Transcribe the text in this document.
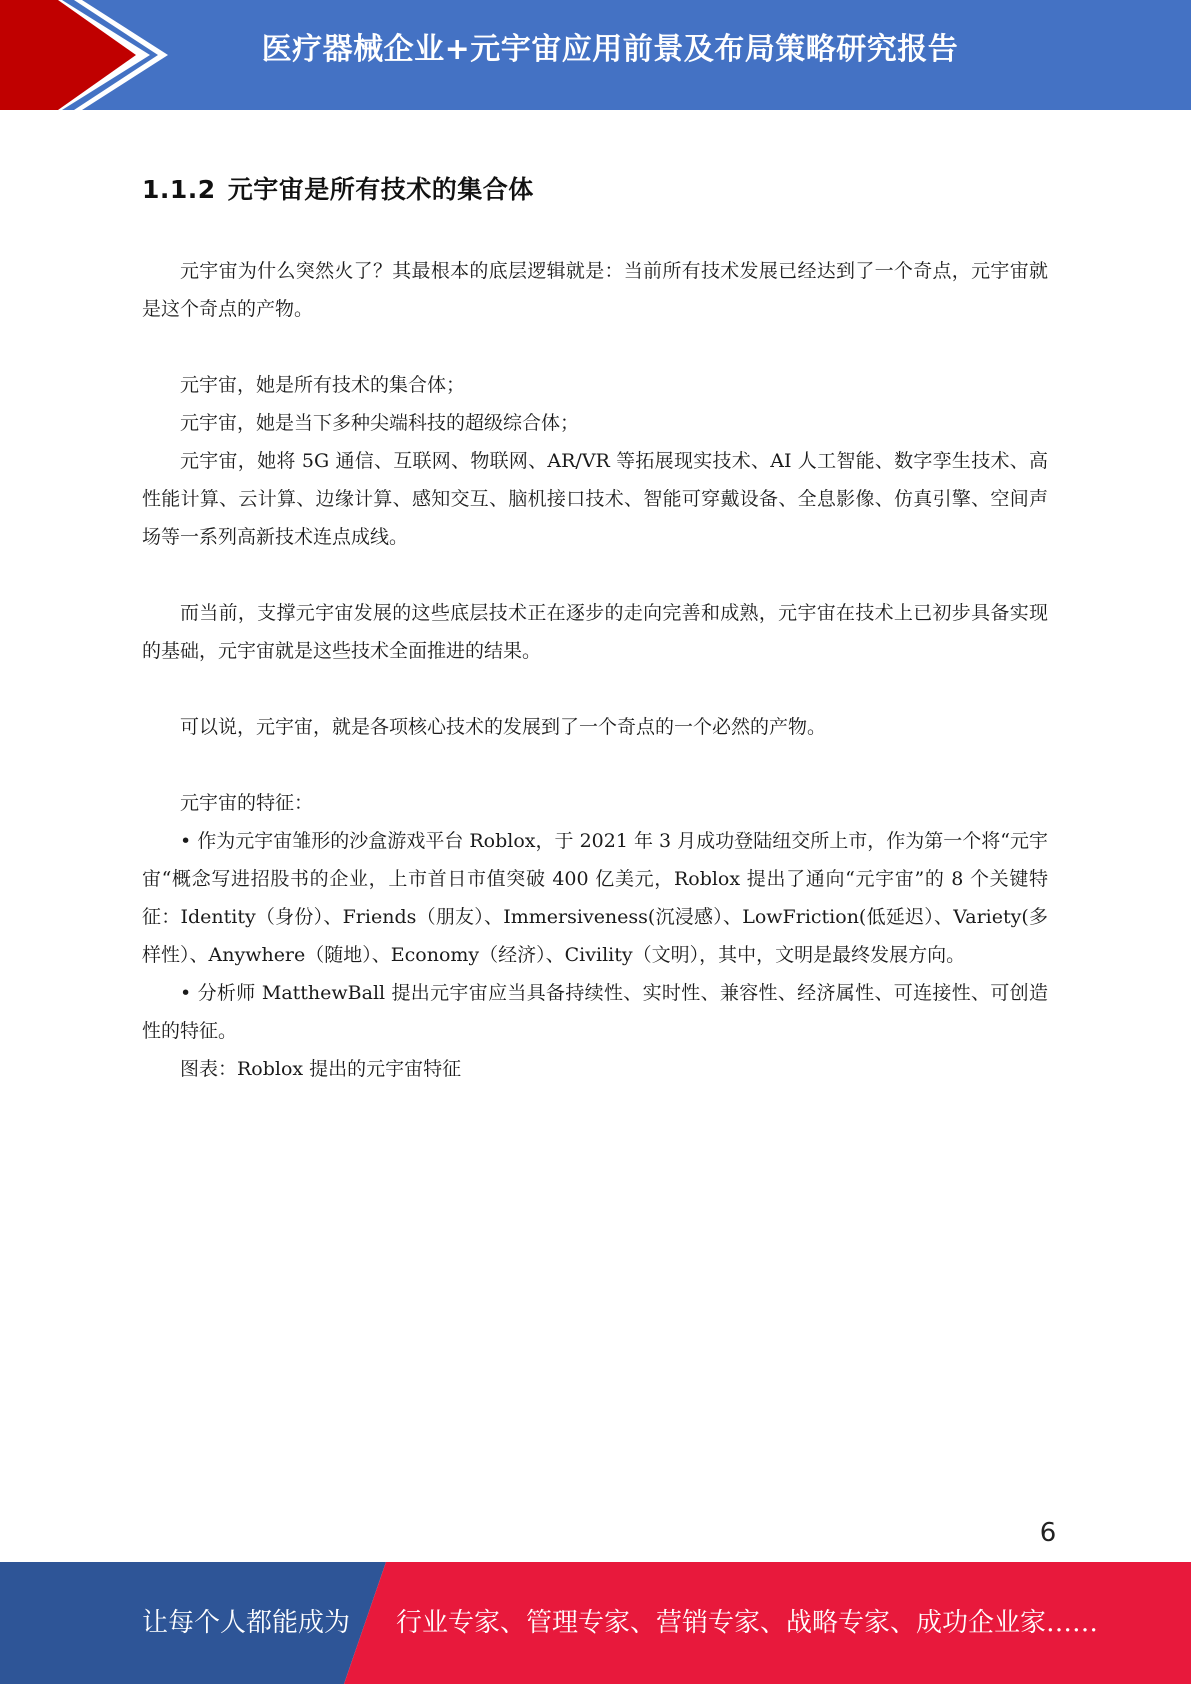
医疗器械企业+元宇宙应用前景及布局策略研究报告
1.1.2 元宇宙是所有技术的集合体

元宇宙为什么突然火了？其最根本的底层逻辑就是：当前所有技术发展已经达到了一个奇点，元宇宙就是这个奇点的产物。

元宇宙，她是所有技术的集合体；

元宇宙，她是当下多种尖端科技的超级综合体；

元宇宙，她将 5G 通信、互联网、物联网、AR/VR 等拓展现实技术、AI 人工智能、数字孪生技术、高性能计算、云计算、边缘计算、感知交互、脑机接口技术、智能可穿戴设备、全息影像、仿真引擎、空间声场等一系列高新技术连点成线。

而当前，支撑元宇宙发展的这些底层技术正在逐步的走向完善和成熟，元宇宙在技术上已初步具备实现的基础，元宇宙就是这些技术全面推进的结果。

可以说，元宇宙，就是各项核心技术的发展到了一个奇点的一个必然的产物。

元宇宙的特征：

• 作为元宇宙雏形的沙盒游戏平台 Roblox，于 2021 年 3 月成功登陆纽交所上市，作为第一个将“元宇宙“概念写进招股书的企业，上市首日市值突破 400 亿美元，Roblox 提出了通向“元宇宙”的 8 个关键特征：Identity（身份）、Friends（朋友）、Immersiveness(沉浸感）、LowFriction(低延迟）、Variety(多样性）、Anywhere（随地）、Economy（经济）、Civility（文明），其中，文明是最终发展方向。

• 分析师 MatthewBall 提出元宇宙应当具备持续性、实时性、兼容性、经济属性、可连接性、可创造性的特征。

图表：Roblox 提出的元宇宙特征

6
让每个人都能成为 行业专家、管理专家、营销专家、战略专家、成功企业家……
